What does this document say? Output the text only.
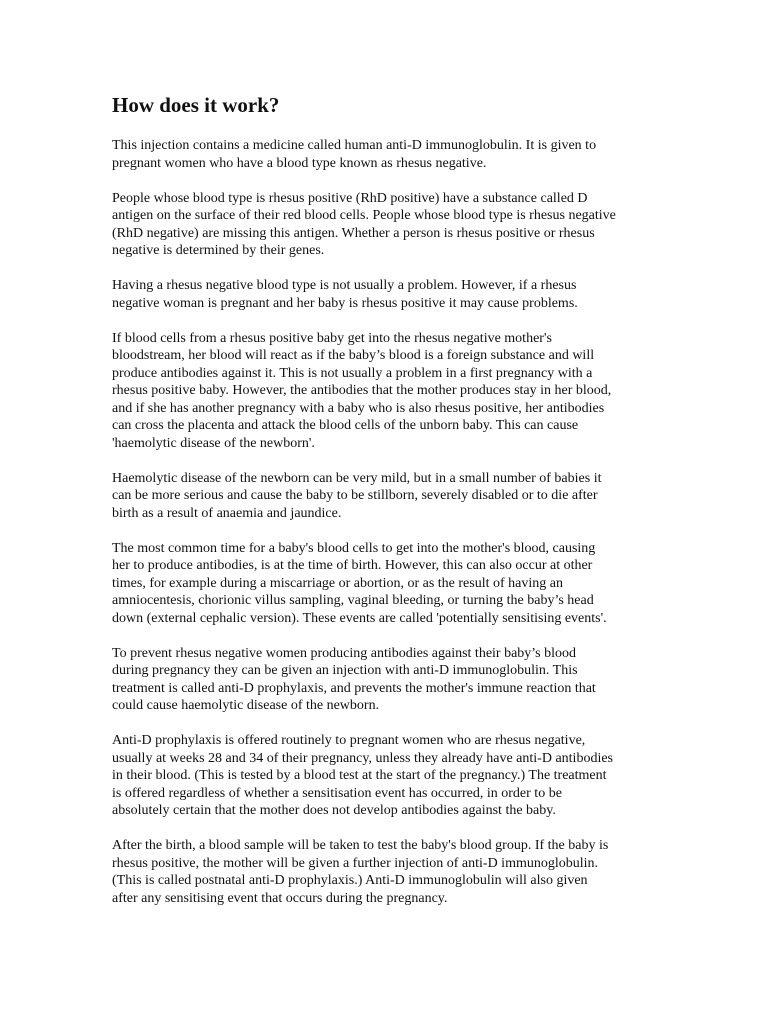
How does it work?

This injection contains a medicine called human anti-D immunoglobulin. It is given to
pregnant women who have a blood type known as rhesus negative.

People whose blood type is rhesus positive (RhD positive) have a substance called D
antigen on the surface of their red blood cells. People whose blood type is rhesus negative
(RhD negative) are missing this antigen. Whether a person is rhesus positive or rhesus
negative is determined by their genes.

Having a rhesus negative blood type is not usually a problem. However, if a rhesus
negative woman is pregnant and her baby is rhesus positive it may cause problems.

If blood cells from a rhesus positive baby get into the rhesus negative mother's
bloodstream, her blood will react as if the baby’s blood is a foreign substance and will
produce antibodies against it. This is not usually a problem in a first pregnancy with a
rhesus positive baby. However, the antibodies that the mother produces stay in her blood,
and if she has another pregnancy with a baby who is also rhesus positive, her antibodies
can cross the placenta and attack the blood cells of the unborn baby. This can cause
'haemolytic disease of the newborn'.

Haemolytic disease of the newborn can be very mild, but in a small number of babies it
can be more serious and cause the baby to be stillborn, severely disabled or to die after
birth as a result of anaemia and jaundice.

The most common time for a baby's blood cells to get into the mother's blood, causing
her to produce antibodies, is at the time of birth. However, this can also occur at other
times, for example during a miscarriage or abortion, or as the result of having an
amniocentesis, chorionic villus sampling, vaginal bleeding, or turning the baby’s head
down (external cephalic version). These events are called 'potentially sensitising events'.

To prevent rhesus negative women producing antibodies against their baby’s blood
during pregnancy they can be given an injection with anti-D immunoglobulin. This
treatment is called anti-D prophylaxis, and prevents the mother's immune reaction that
could cause haemolytic disease of the newborn.

Anti-D prophylaxis is offered routinely to pregnant women who are rhesus negative,
usually at weeks 28 and 34 of their pregnancy, unless they already have anti-D antibodies
in their blood. (This is tested by a blood test at the start of the pregnancy.) The treatment
is offered regardless of whether a sensitisation event has occurred, in order to be
absolutely certain that the mother does not develop antibodies against the baby.

After the birth, a blood sample will be taken to test the baby's blood group. If the baby is
rhesus positive, the mother will be given a further injection of anti-D immunoglobulin.
(This is called postnatal anti-D prophylaxis.) Anti-D immunoglobulin will also given
after any sensitising event that occurs during the pregnancy.
